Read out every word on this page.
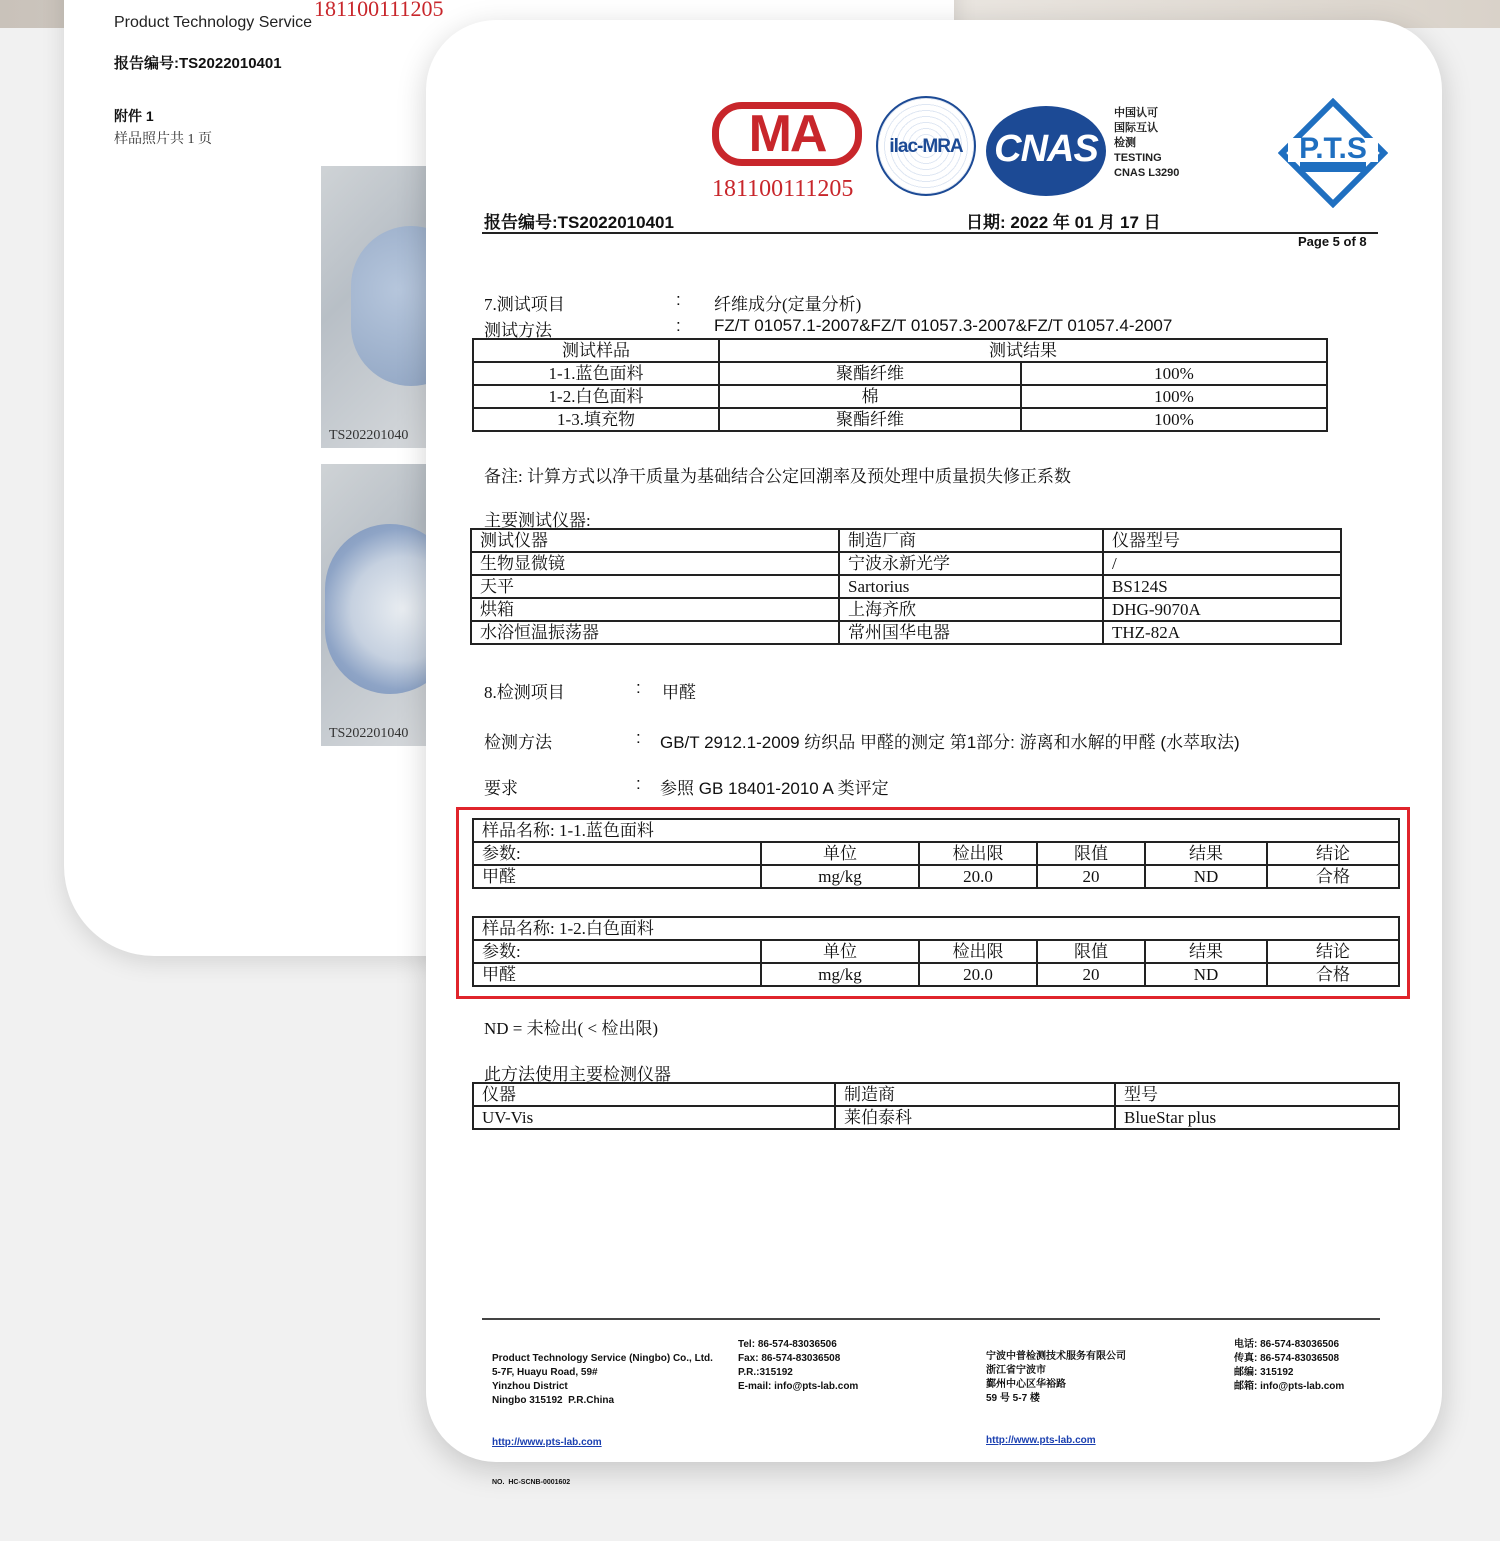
181100111205
Product Technology Service
报告编号:TS2022010401
附件 1
样品照片共 1 页
TS202201040
TS202201040
MA
181100111205
ilac-MRA CNAS
中国认可
国际互认
检测
TESTING
CNAS L3290
P.T.S
报告编号:TS2022010401	日期: 2022 年 01 月 17 日
Page 5 of 8
7.测试项目	: 纤维成分(定量分析)
测试方法	: FZ/T 01057.1-2007&FZ/T 01057.3-2007&FZ/T 01057.4-2007
测试样品	测试结果	
1-1.蓝色面料	聚酯纤维	100%
1-2.白色面料	棉	100%
1-3.填充物	聚酯纤维	100%
备注: 计算方式以净干质量为基础结合公定回潮率及预处理中质量损失修正系数
主要测试仪器:
测试仪器	制造厂商	仪器型号
生物显微镜	宁波永新光学	/
天平	Sartorius	BS124S
烘箱	上海齐欣	DHG-9070A
水浴恒温振荡器	常州国华电器	THZ-82A
8.检测项目	: 甲醛
检测方法	: GB/T 2912.1-2009 纺织品 甲醛的测定 第1部分: 游离和水解的甲醛 (水萃取法)
要求	: 参照 GB 18401-2010 A 类评定
样品名称: 1-1.蓝色面料					
参数:	单位	检出限	限值	结果	结论
甲醛	mg/kg	20.0	20	ND	合格
样品名称: 1-2.白色面料					
参数:	单位	检出限	限值	结果	结论
甲醛	mg/kg	20.0	20	ND	合格
ND = 未检出( < 检出限)
此方法使用主要检测仪器
仪器	制造商	型号
UV-Vis	莱伯泰科	BlueStar plus

Product Technology Service (Ningbo) Co., Ltd.
5-7F, Huayu Road, 59#
Yinzhou District
Ningbo 315192  P.R.China

http://www.pts-lab.com

NO.  HC-SCNB-0001602

Tel: 86-574-83036506
Fax: 86-574-83036508
P.R.:315192
E-mail: info@pts-lab.com

宁波中普检测技术服务有限公司
浙江省宁波市
鄞州中心区华裕路
59 号 5-7 楼

http://www.pts-lab.com

电话: 86-574-83036506
传真: 86-574-83036508
邮编: 315192
邮箱: info@pts-lab.com
